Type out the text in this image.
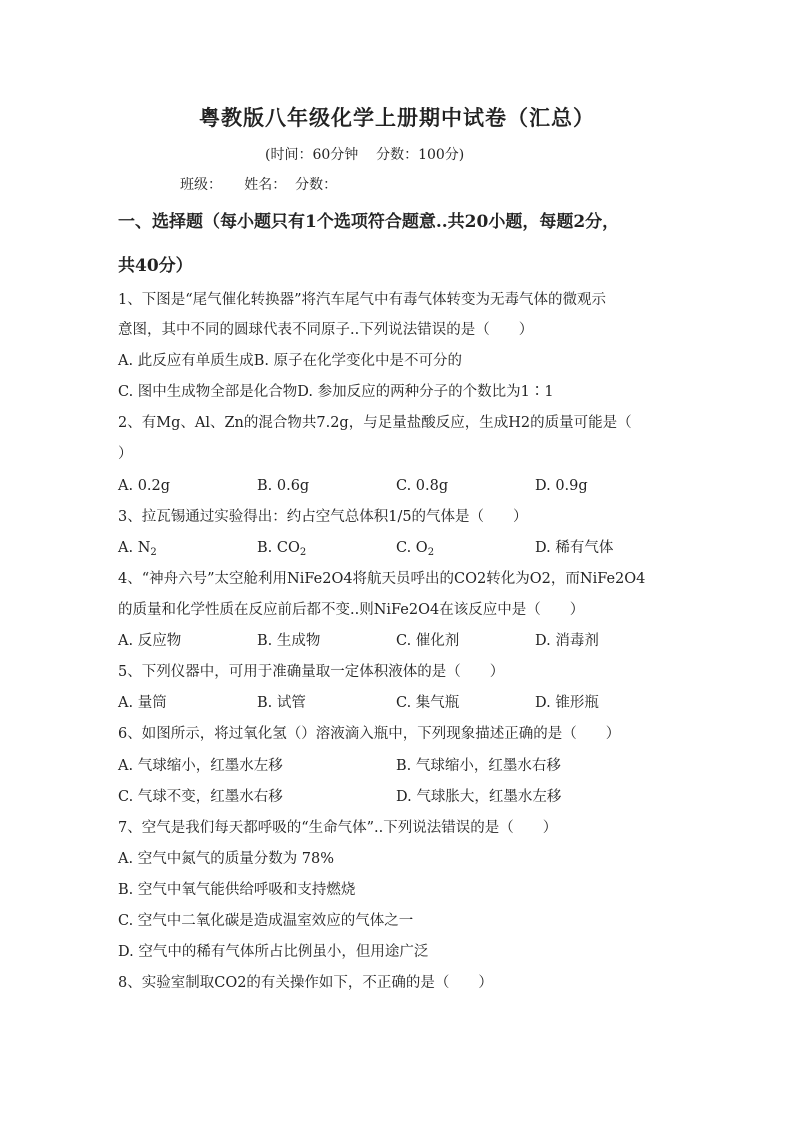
粤教版八年级化学上册期中试卷（汇总）
(时间：60分钟    分数：100分)
班级：     姓名：  分数：
一、选择题（每小题只有1个选项符合题意..共20小题，每题2分，
共40分）
1、下图是“尾气催化转换器”将汽车尾气中有毒气体转变为无毒气体的微观示
意图，其中不同的圆球代表不同原子..下列说法错误的是（　　）
A. 此反应有单质生成B. 原子在化学变化中是不可分的
C. 图中生成物全部是化合物D. 参加反应的两种分子的个数比为1∶1
2、有Mg、Al、Zn的混合物共7.2g，与足量盐酸反应，生成H2的质量可能是（
）
A. 0.2g	B. 0.6g	C. 0.8g	D. 0.9g
3、拉瓦锡通过实验得出：约占空气总体积1/5的气体是（　　）
A. $N_2$	B. $CO_2$	C. $O_2$	D. 稀有气体
4、“神舟六号”太空舱利用NiFe2O4将航天员呼出的CO2转化为O2，而NiFe2O4
的质量和化学性质在反应前后都不变..则NiFe2O4在该反应中是（　　）
A. 反应物	B. 生成物	C. 催化剂	D. 消毒剂
5、下列仪器中，可用于准确量取一定体积液体的是（　　）
A. 量筒	B. 试管	C. 集气瓶	D. 锥形瓶
6、如图所示，将过氧化氢（）溶液滴入瓶中，下列现象描述正确的是（　　）
A. 气球缩小，红墨水左移	B. 气球缩小，红墨水右移
C. 气球不变，红墨水右移	D. 气球胀大，红墨水左移
7、空气是我们每天都呼吸的“生命气体”..下列说法错误的是（　　）
A. 空气中氮气的质量分数为 78%
B. 空气中氧气能供给呼吸和支持燃烧
C. 空气中二氧化碳是造成温室效应的气体之一
D. 空气中的稀有气体所占比例虽小，但用途广泛
8、实验室制取CO2的有关操作如下，不正确的是（　　）
